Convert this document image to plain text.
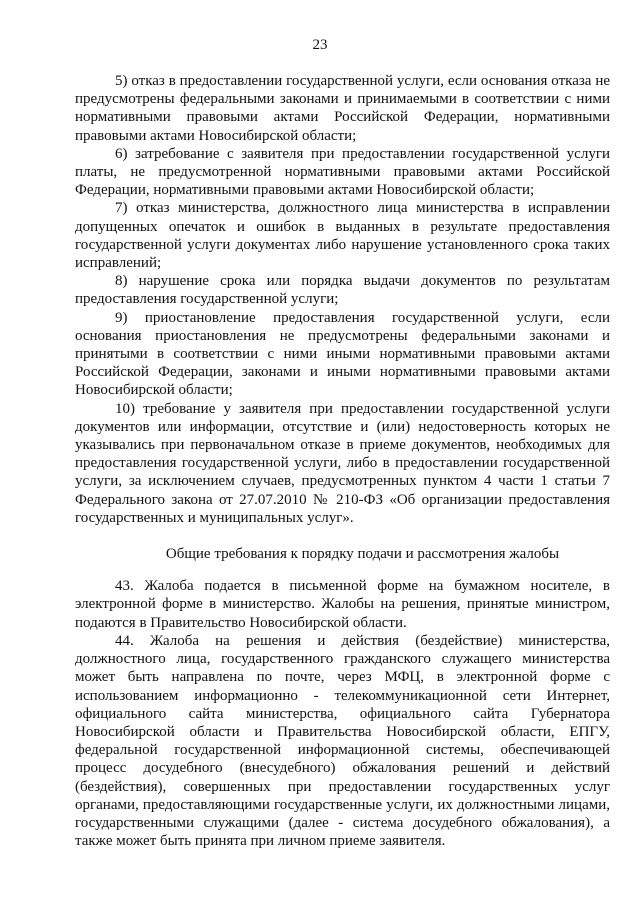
23

5) отказ в предоставлении государственной услуги, если основания отказа не предусмотрены федеральными законами и принимаемыми в соответствии с ними нормативными правовыми актами Российской Федерации, нормативными правовыми актами Новосибирской области;

6) затребование с заявителя при предоставлении государственной услуги платы, не предусмотренной нормативными правовыми актами Российской Федерации, нормативными правовыми актами Новосибирской области;

7) отказ министерства, должностного лица министерства в исправлении допущенных опечаток и ошибок в выданных в результате предоставления государственной услуги документах либо нарушение установленного срока таких исправлений;

8) нарушение срока или порядка выдачи документов по результатам предоставления государственной услуги;

9) приостановление предоставления государственной услуги, если основания приостановления не предусмотрены федеральными законами и принятыми в соответствии с ними иными нормативными правовыми актами Российской Федерации, законами и иными нормативными правовыми актами Новосибирской области;

10) требование у заявителя при предоставлении государственной услуги документов или информации, отсутствие и (или) недостоверность которых не указывались при первоначальном отказе в приеме документов, необходимых для предоставления государственной услуги, либо в предоставлении государственной услуги, за исключением случаев, предусмотренных пунктом 4 части 1 статьи 7 Федерального закона от 27.07.2010 № 210-ФЗ «Об организации предоставления государственных и муниципальных услуг».

Общие требования к порядку подачи и рассмотрения жалобы

43. Жалоба подается в письменной форме на бумажном носителе, в электронной форме в министерство. Жалобы на решения, принятые министром, подаются в Правительство Новосибирской области.

44. Жалоба на решения и действия (бездействие) министерства, должностного лица, государственного гражданского служащего министерства может быть направлена по почте, через МФЦ, в электронной форме с использованием информационно - телекоммуникационной сети Интернет, официального сайта министерства, официального сайта Губернатора Новосибирской области и Правительства Новосибирской области, ЕПГУ, федеральной государственной информационной системы, обеспечивающей процесс досудебного (внесудебного) обжалования решений и действий (бездействия), совершенных при предоставлении государственных услуг органами, предоставляющими государственные услуги, их должностными лицами, государственными служащими (далее - система досудебного обжалования), а также может быть принята при личном приеме заявителя.
